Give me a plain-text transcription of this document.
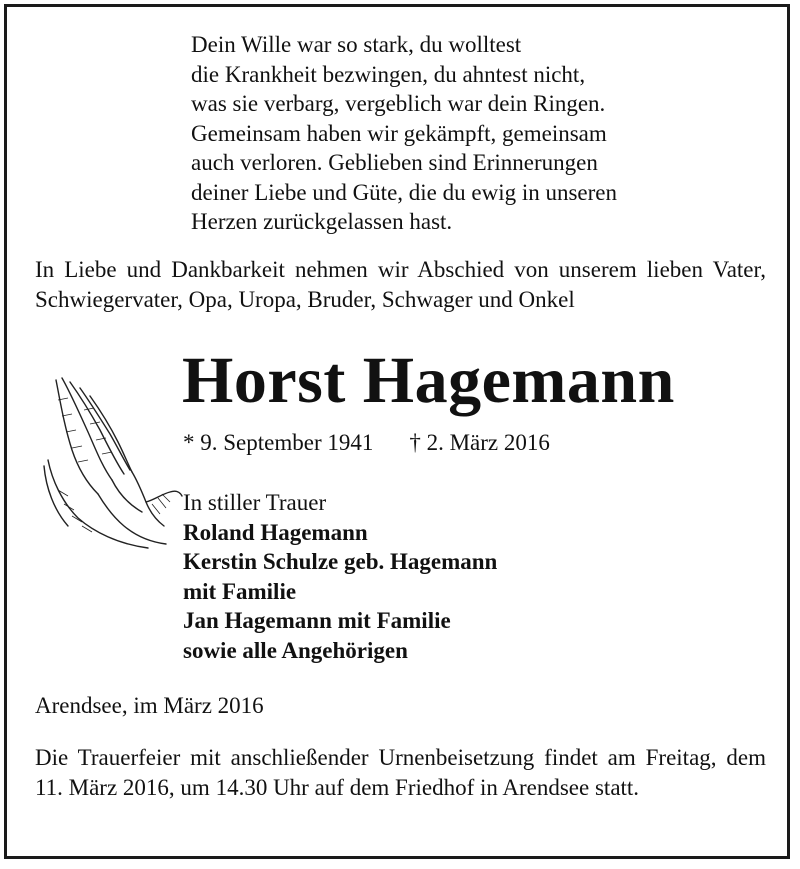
Dein Wille war so stark, du wolltest
die Krankheit bezwingen, du ahntest nicht,
was sie verbarg, vergeblich war dein Ringen.
Gemeinsam haben wir gekämpft, gemeinsam
auch verloren. Geblieben sind Erinnerungen
deiner Liebe und Güte, die du ewig in unseren
Herzen zurückgelassen hast.
In Liebe und Dankbarkeit nehmen wir Abschied von unserem lieben Vater, Schwiegervater, Opa, Uropa, Bruder, Schwager und Onkel
Horst Hagemann
* 9. September 1941 † 2. März 2016
In stiller Trauer
Roland Hagemann
Kerstin Schulze geb. Hagemann
mit Familie
Jan Hagemann mit Familie
sowie alle Angehörigen
Arendsee, im März 2016
Die Trauerfeier mit anschließender Urnenbeisetzung findet am Freitag, dem 11. März 2016, um 14.30 Uhr auf dem Friedhof in Arendsee statt.
